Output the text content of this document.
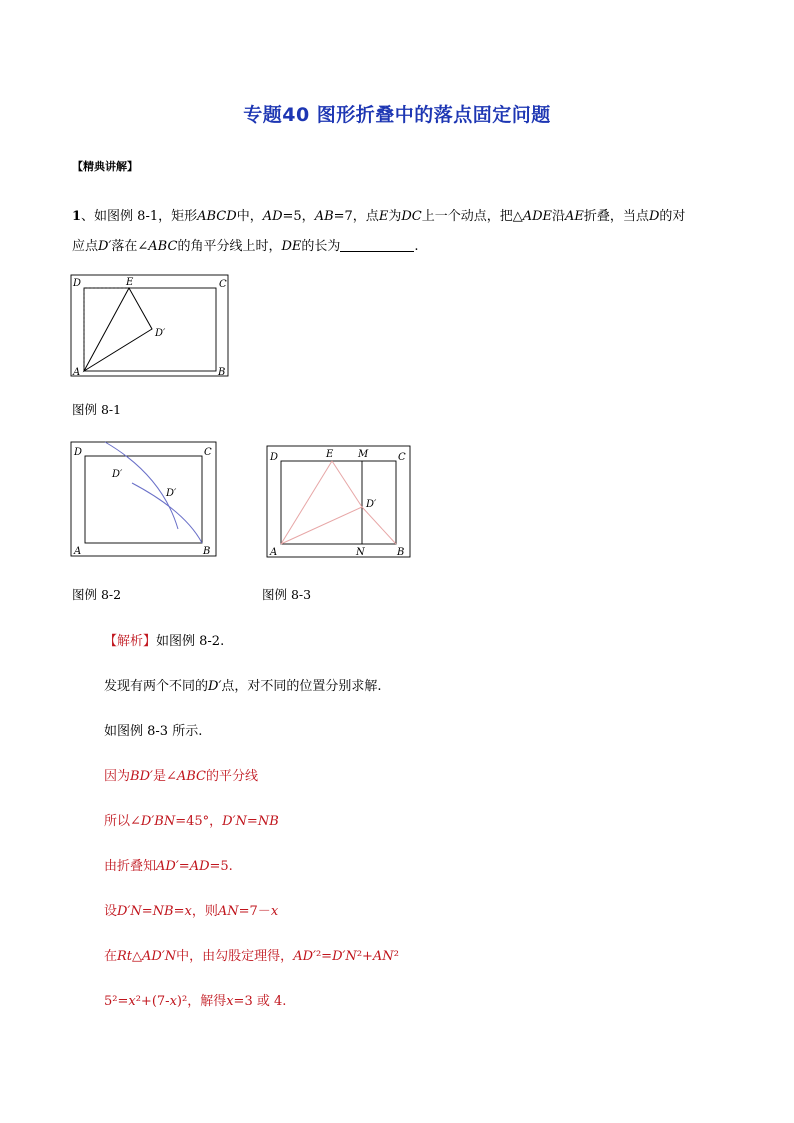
专题40 图形折叠中的落点固定问题
【精典讲解】
1、如图例 8-1，矩形ABCD中，AD=5，AB=7，点E为DC上一个动点，把△ADE沿AE折叠，当点D的对
应点D′落在∠ABC的角平分线上时，DE的长为	.
D	E	C
D′
A	B
图例 8-1
D	C
D′
D′
A	B
图例 8-2
D	E M	C
D′
A	N	B
图例 8-3
【解析】如图例 8-2.
发现有两个不同的D′点，对不同的位置分别求解.
如图例 8-3 所示.
因为BD′是∠ABC的平分线
所以∠D′BN=45°，D′N=NB
由折叠知AD′=AD=5.
设D′N=NB=x，则AN=7－x
在Rt△AD′N中，由勾股定理得，AD′²=D′N²+AN²
5²=x²+(7-x)²，解得x=3 或 4.
